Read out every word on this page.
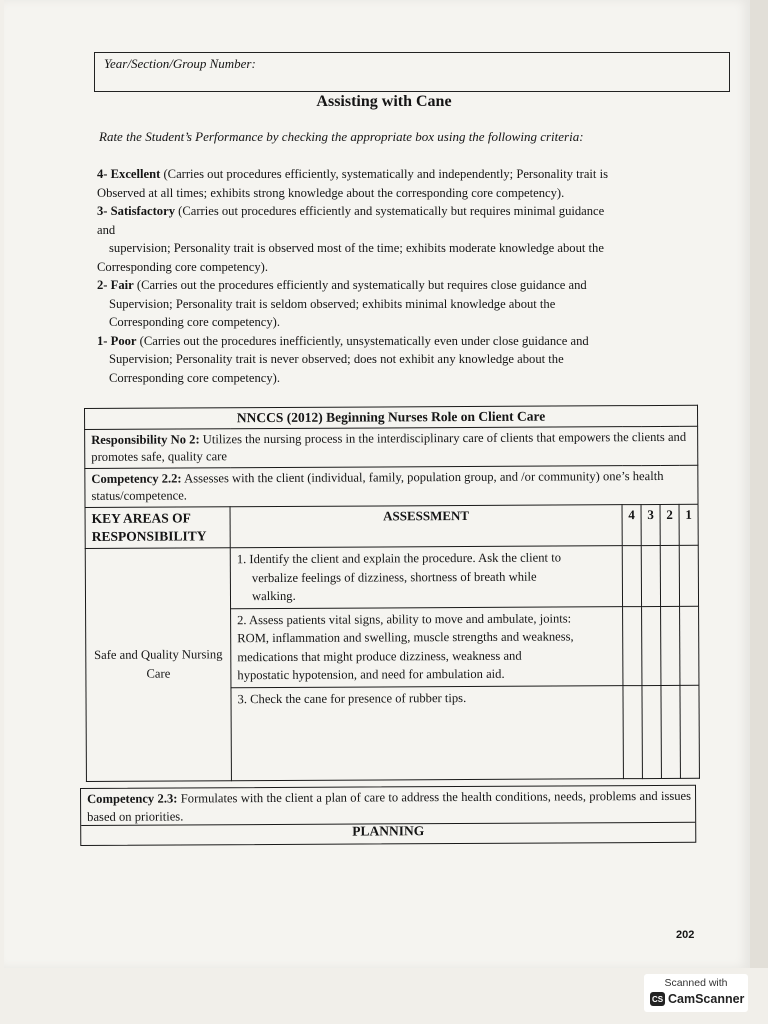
Year/Section/Group Number:
Assisting with Cane
Rate the Student’s Performance by checking the appropriate box using the following criteria:

4- Excellent (Carries out procedures efficiently, systematically and independently; Personality trait is

Observed at all times; exhibits strong knowledge about the corresponding core competency).

3- Satisfactory (Carries out procedures efficiently and systematically but requires minimal guidance

and

supervision; Personality trait is observed most of the time; exhibits moderate knowledge about the

Corresponding core competency).

2- Fair (Carries out the procedures efficiently and systematically but requires close guidance and

Supervision; Personality trait is seldom observed; exhibits minimal knowledge about the

Corresponding core competency).

1- Poor (Carries out the procedures inefficiently, unsystematically even under close guidance and

Supervision; Personality trait is never observed; does not exhibit any knowledge about the

Corresponding core competency).

NNCCS (2012) Beginning Nurses Role on Client Care					
Responsibility No 2: Utilizes the nursing process in the interdisciplinary care of clients that empowers the clients and promotes safe, quality care					
Competency 2.2: Assesses with the client (individual, family, population group, and /or community) one’s health status/competence.					
KEY AREAS OF RESPONSIBILITY	ASSESSMENT	4	3	2	1
Safe and Quality Nursing Care	1. Identify the client and explain the procedure. Ask the client to
verbalize feelings of dizziness, shortness of breath while
walking.				

	2. Assess patients vital signs, ability to move and ambulate, joints:
ROM, inflammation and swelling, muscle strengths and weakness,
medications that might produce dizziness, weakness and
hypostatic hypotension, and need for ambulation aid.				

	3. Check the cane for presence of rubber tips.				

Competency 2.3: Formulates with the client a plan of care to address the health conditions, needs, problems and issues based on priorities.
PLANNING
202
Scanned with
CS CamScanner
